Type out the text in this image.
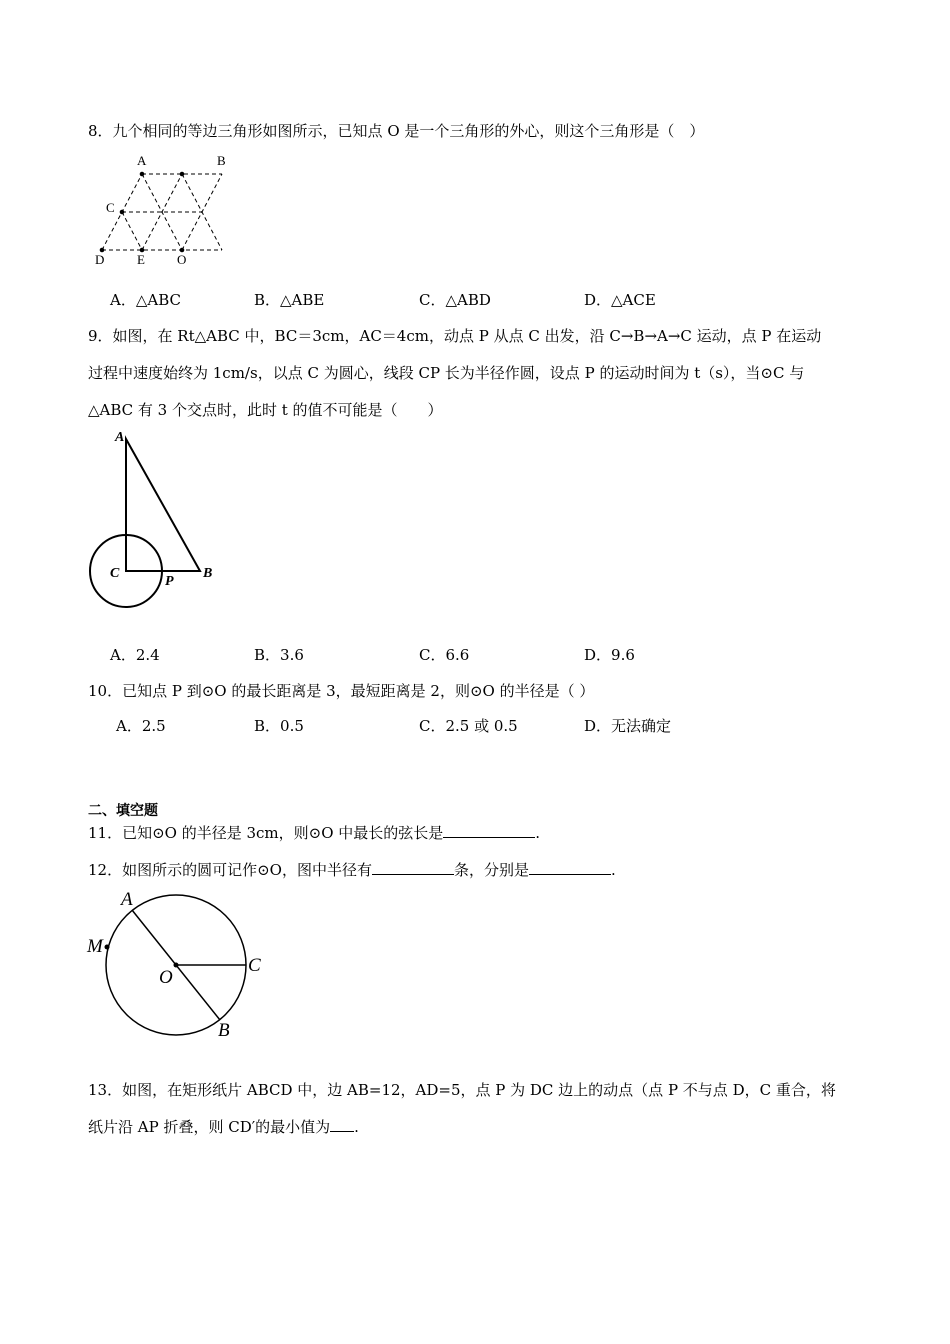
8．九个相同的等边三角形如图所示，已知点 O 是一个三角形的外心，则这个三角形是（　）
A	B
C
D	E O
A．△ABC	B．△ABE	C．△ABD	D．△ACE
9．如图，在 Rt△ABC 中，BC＝3cm，AC＝4cm，动点 P 从点 C 出发，沿 C→B→A→C 运动，点 P 在运动
过程中速度始终为 1cm/s，以点 C 为圆心，线段 CP 长为半径作圆，设点 P 的运动时间为 t（s），当⊙C 与
△ABC 有 3 个交点时，此时 t 的值不可能是（　　）
A
C
P
B
A．2.4	B．3.6	C．6.6	D．9.6
10．已知点 P 到⊙O 的最长距离是 3，最短距离是 2，则⊙O 的半径是（ ）
A．2.5	B．0.5	C．2.5 或 0.5	D．无法确定
二、填空题
11．已知⊙O 的半径是 3cm，则⊙O 中最长的弦长是	.
12．如图所示的圆可记作⊙O，图中半径有	条，分别是	.
A
M
O
C
B
13．如图，在矩形纸片 ABCD 中，边 AB=12，AD=5，点 P 为 DC 边上的动点（点 P 不与点 D，C 重合，将
纸片沿 AP 折叠，则 CD′的最小值为 .
